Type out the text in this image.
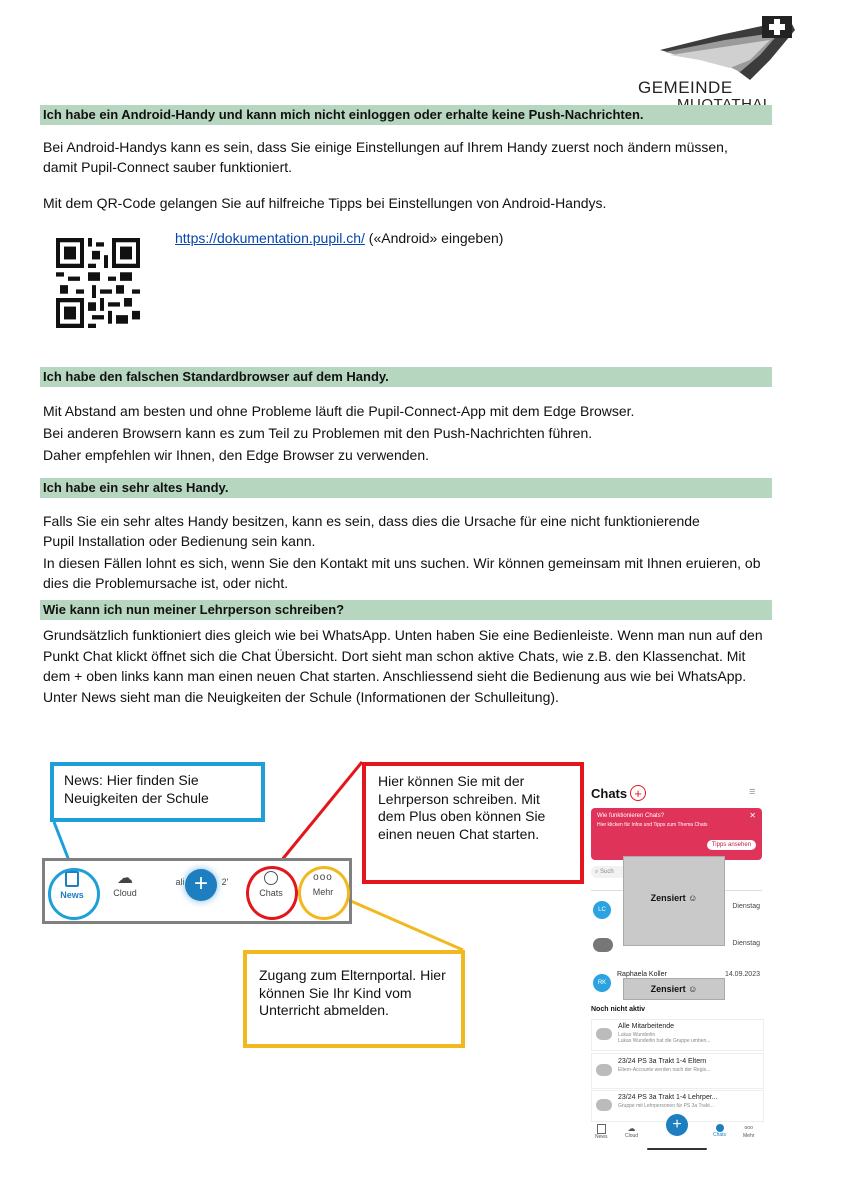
GEMEINDE
Ich habe ein Android-Handy und kann mich nicht einloggen oder erhalte keine Push-Nachrichten.

Bei Android-Handys kann es sein, dass Sie einige Einstellungen auf Ihrem Handy zuerst noch ändern müssen, damit Pupil-Connect sauber funktioniert.

Mit dem QR-Code gelangen Sie auf hilfreiche Tipps bei Einstellungen von Android-Handys.

https://dokumentation.pupil.ch/ («Android» eingeben)
Ich habe den falschen Standardbrowser auf dem Handy.
Mit Abstand am besten und ohne Probleme läuft die Pupil-Connect-App mit dem Edge Browser.
Bei anderen Browsern kann es zum Teil zu Problemen mit den Push-Nachrichten führen.
Daher empfehlen wir Ihnen, den Edge Browser zu verwenden.
Ich habe ein sehr altes Handy.

Falls Sie ein sehr altes Handy besitzen, kann es sein, dass dies die Ursache für eine nicht funktionierende Pupil Installation oder Bedienung sein kann.

In diesen Fällen lohnt es sich, wenn Sie den Kontakt mit uns suchen. Wir können gemeinsam mit Ihnen eruieren, ob dies die Problemursache ist, oder nicht.

Wie kann ich nun meiner Lehrperson schreiben?

Grundsätzlich funktioniert dies gleich wie bei WhatsApp. Unten haben Sie eine Bedienleiste. Wenn man nun auf den Punkt Chat klickt öffnet sich die Chat Übersicht. Dort sieht man schon aktive Chats, wie z.B. den Klassenchat. Mit dem + oben links kann man einen neuen Chat starten. Anschliessend sieht die Bedienung aus wie bei WhatsApp. Unter News sieht man die Neuigkeiten der Schule (Informationen der Schulleitung).

News: Hier finden Sie Neuigkeiten der Schule
Hier können Sie mit der Lehrperson schreiben. Mit dem Plus oben können Sie einen neuen Chat starten.
Zugang zum Elternportal. Hier können Sie Ihr Kind vom Unterricht abmelden.
News
☁
Cloud
ali +	2'
Chats
ooo
Mehr
Chats +	≡
Wie funktionieren Chats?	✕
Hier klicken für Infos und Tipps zum Thema Chats
Tipps ansehen
⌕ Such
LC	Dienstag
Dienstag
RK
Raphaela Koller	14.09.2023
Zensiert ☺
Zensiert ☺
Noch nicht aktiv
Alle Mitarbeitende
Lukas Wunderlin
Lukas Wunderlin hat die Gruppe umben...
23/24 PS 3a Trakt 1-4 Eltern
Eltern-Accounts werden nach der Regis...
23/24 PS 3a Trakt 1-4 Lehrper...
Gruppe mit Lehrpersonen für PS 3a Trakt...
News
☁
Cloud
+
Chats
ooo
Mehr
